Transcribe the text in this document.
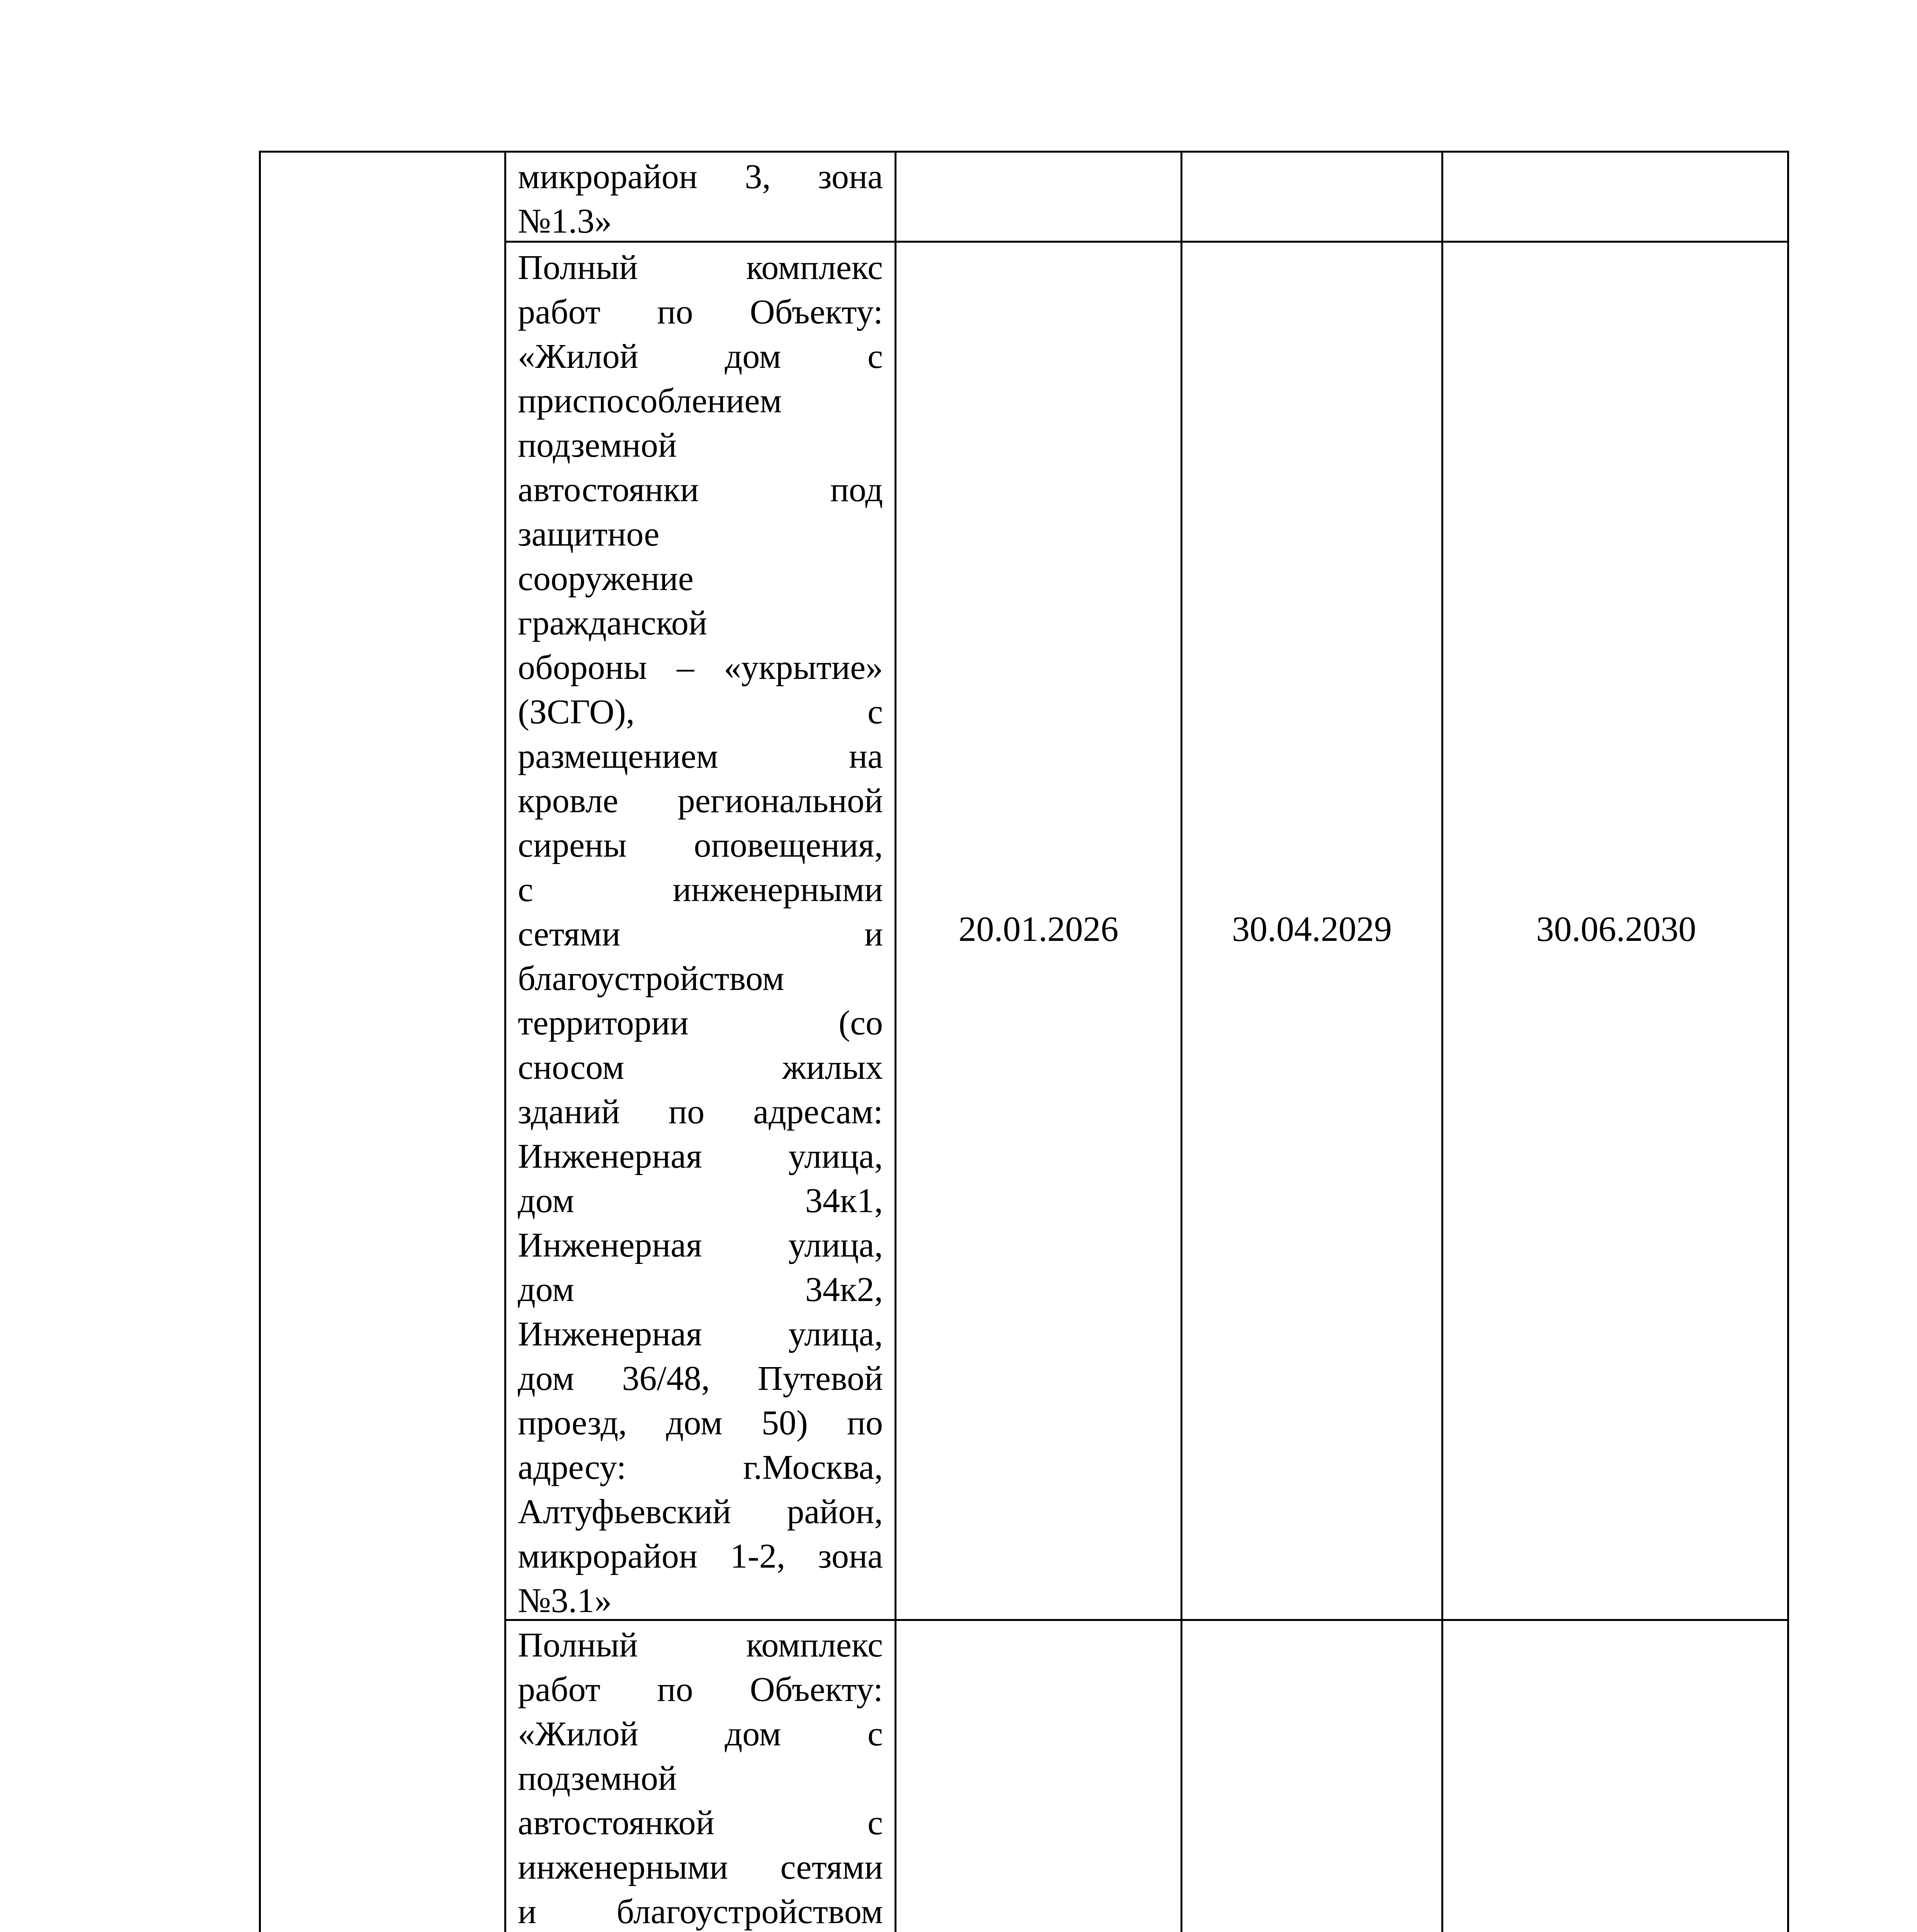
микрорайон 3, зона
№1.3»
Полный комплекс
работ по Объекту:
«Жилой дом с
приспособлением
подземной
автостоянки под
защитное
сооружение
гражданской
обороны – «укрытие»
(ЗСГО), с
размещением на
кровле региональной
сирены оповещения,
с инженерными
сетями и
благоустройством
территории (со
сносом жилых
зданий по адресам:
Инженерная улица,
дом 34к1,
Инженерная улица,
дом 34к2,
Инженерная улица,
дом 36/48, Путевой
проезд, дом 50) по
адресу: г.Москва,
Алтуфьевский район,
микрорайон 1-2, зона
№3.1»
20.01.2026	30.04.2029	30.06.2030
Полный комплекс
работ по Объекту:
«Жилой дом с
подземной
автостоянкой с
инженерными сетями
и благоустройством
